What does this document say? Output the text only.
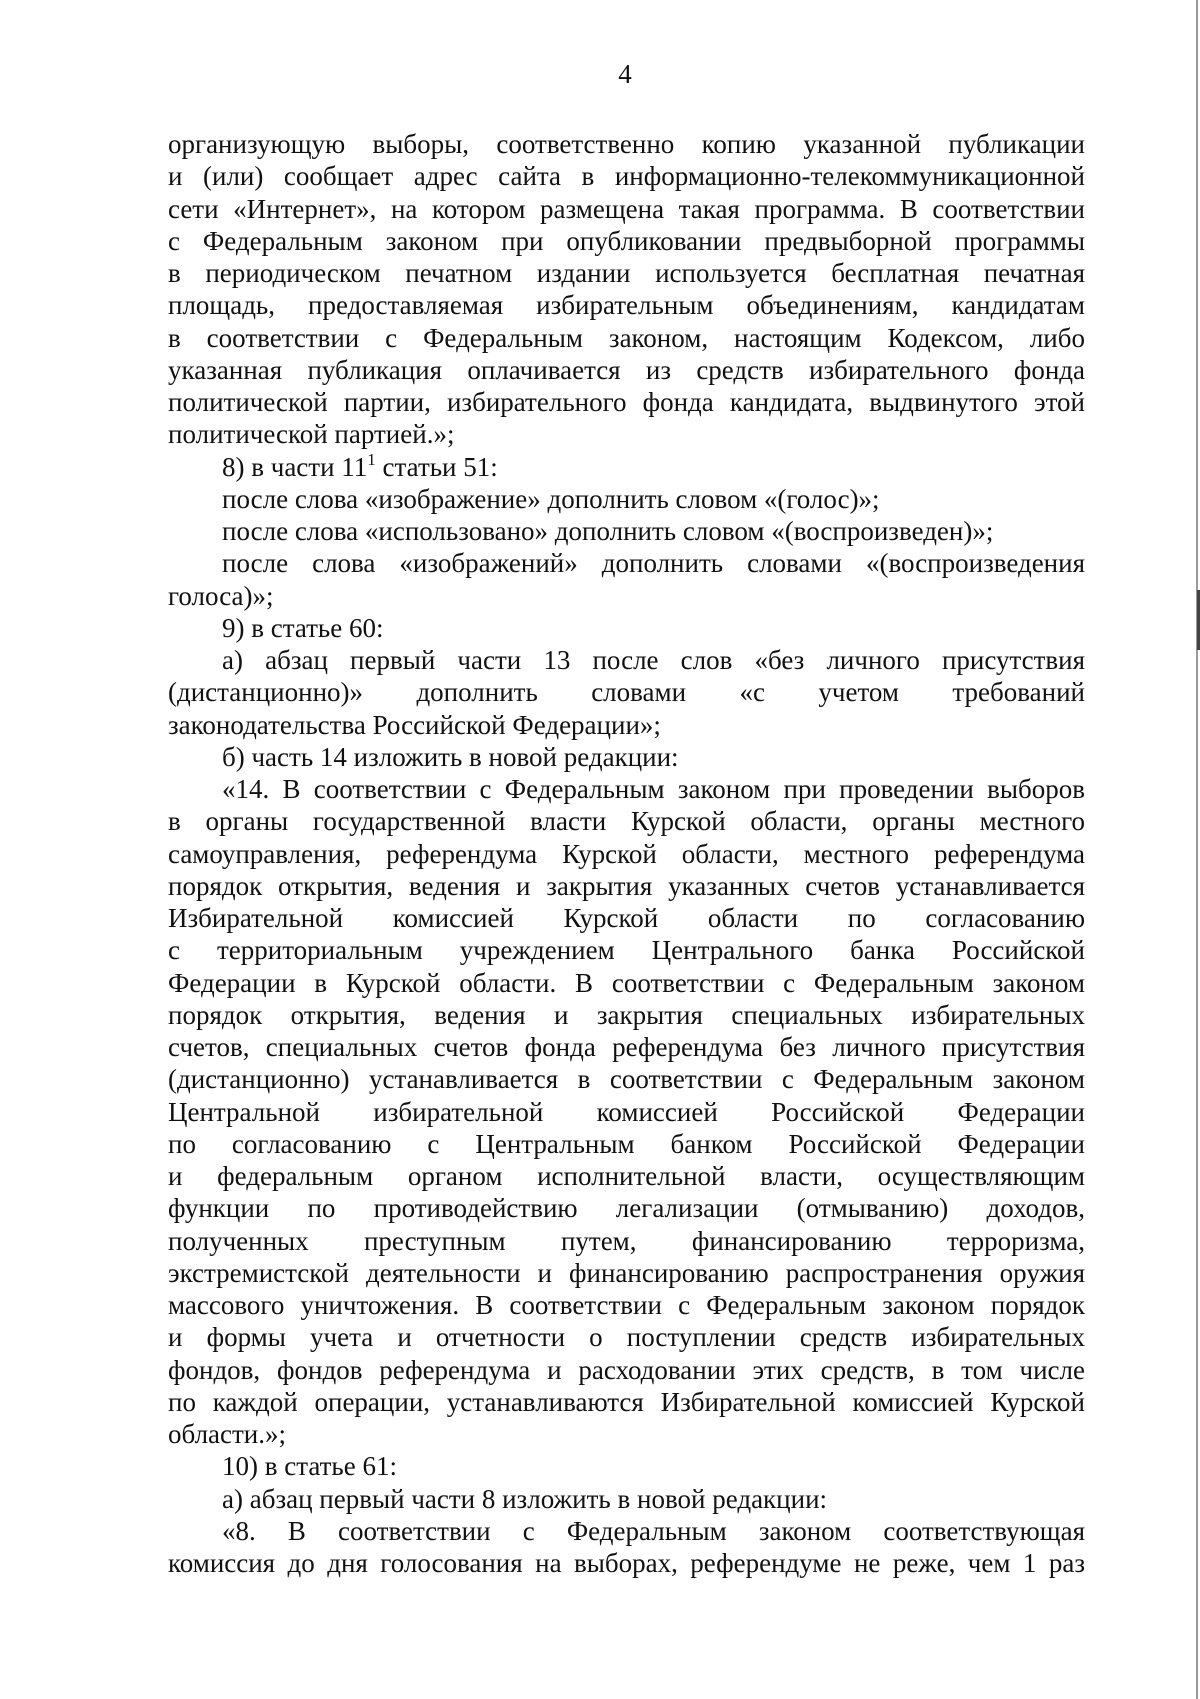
4
организующую выборы, соответственно копию указанной публикации
и (или) сообщает адрес сайта в информационно-телекоммуникационной
сети «Интернет», на котором размещена такая программа. В соответствии
с Федеральным законом при опубликовании предвыборной программы
в периодическом печатном издании используется бесплатная печатная
площадь, предоставляемая избирательным объединениям, кандидатам
в соответствии с Федеральным законом, настоящим Кодексом, либо
указанная публикация оплачивается из средств избирательного фонда
политической партии, избирательного фонда кандидата, выдвинутого этой
политической партией.»;
8) в части $11^1$ статьи 51:
после слова «изображение» дополнить словом «(голос)»;
после слова «использовано» дополнить словом «(воспроизведен)»;
после слова «изображений» дополнить словами «(воспроизведения
голоса)»;
9) в статье 60:
а) абзац первый части 13 после слов «без личного присутствия
(дистанционно)» дополнить словами «с учетом требований
законодательства Российской Федерации»;
б) часть 14 изложить в новой редакции:
«14. В соответствии с Федеральным законом при проведении выборов
в органы государственной власти Курской области, органы местного
самоуправления, референдума Курской области, местного референдума
порядок открытия, ведения и закрытия указанных счетов устанавливается
Избирательной комиссией Курской области по согласованию
с территориальным учреждением Центрального банка Российской
Федерации в Курской области. В соответствии с Федеральным законом
порядок открытия, ведения и закрытия специальных избирательных
счетов, специальных счетов фонда референдума без личного присутствия
(дистанционно) устанавливается в соответствии с Федеральным законом
Центральной избирательной комиссией Российской Федерации
по согласованию с Центральным банком Российской Федерации
и федеральным органом исполнительной власти, осуществляющим
функции по противодействию легализации (отмыванию) доходов,
полученных преступным путем, финансированию терроризма,
экстремистской деятельности и финансированию распространения оружия
массового уничтожения. В соответствии с Федеральным законом порядок
и формы учета и отчетности о поступлении средств избирательных
фондов, фондов референдума и расходовании этих средств, в том числе
по каждой операции, устанавливаются Избирательной комиссией Курской
области.»;
10) в статье 61:
а) абзац первый части 8 изложить в новой редакции:
«8. В соответствии с Федеральным законом соответствующая
комиссия до дня голосования на выборах, референдуме не реже, чем 1 раз
